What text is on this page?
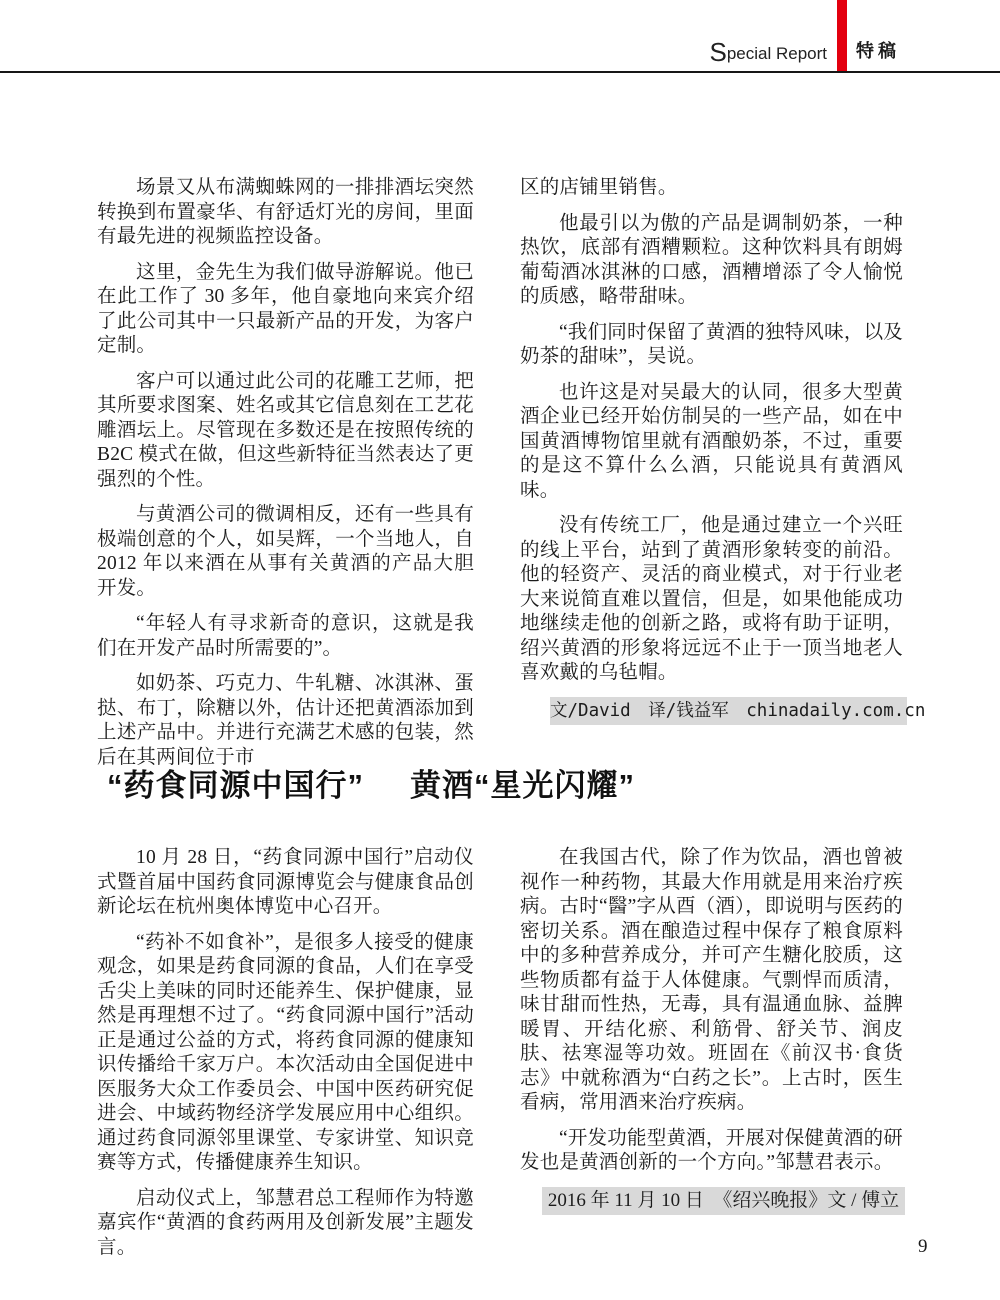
Special Report 特稿

场景又从布满蜘蛛网的一排排酒坛突然转换到布置豪华、有舒适灯光的房间，里面有最先进的视频监控设备。

这里，金先生为我们做导游解说。他已在此工作了 30 多年，他自豪地向来宾介绍了此公司其中一只最新产品的开发，为客户定制。

客户可以通过此公司的花雕工艺师，把其所要求图案、姓名或其它信息刻在工艺花雕酒坛上。尽管现在多数还是在按照传统的 B2C 模式在做，但这些新特征当然表达了更强烈的个性。

与黄酒公司的微调相反，还有一些具有极端创意的个人，如吴辉，一个当地人，自 2012 年以来酒在从事有关黄酒的产品大胆开发。

“年轻人有寻求新奇的意识，这就是我们在开发产品时所需要的”。

如奶茶、巧克力、牛轧糖、冰淇淋、蛋挞、布丁，除糖以外，估计还把黄酒添加到上述产品中。并进行充满艺术感的包装，然后在其两间位于市

区的店铺里销售。

他最引以为傲的产品是调制奶茶，一种热饮，底部有酒糟颗粒。这种饮料具有朗姆葡萄酒冰淇淋的口感，酒糟增添了令人愉悦的质感，略带甜味。

“我们同时保留了黄酒的独特风味，以及奶茶的甜味”，吴说。

也许这是对吴最大的认同，很多大型黄酒企业已经开始仿制吴的一些产品，如在中国黄酒博物馆里就有酒酿奶茶，不过，重要的是这不算什么么酒，只能说具有黄酒风味。

没有传统工厂，他是通过建立一个兴旺的线上平台，站到了黄酒形象转变的前沿。他的轻资产、灵活的商业模式，对于行业老大来说简直难以置信，但是，如果他能成功地继续走他的创新之路，或将有助于证明，绍兴黄酒的形象将远远不止于一顶当地老人喜欢戴的乌毡帽。

文/David　译/钱益军　chinadaily.com.cn
“药食同源中国行” 黄酒“星光闪耀”

10 月 28 日，“药食同源中国行”启动仪式暨首届中国药食同源博览会与健康食品创新论坛在杭州奥体博览中心召开。

“药补不如食补”，是很多人接受的健康观念，如果是药食同源的食品，人们在享受舌尖上美味的同时还能养生、保护健康，显然是再理想不过了。“药食同源中国行”活动正是通过公益的方式，将药食同源的健康知识传播给千家万户。本次活动由全国促进中医服务大众工作委员会、中国中医药研究促进会、中域药物经济学发展应用中心组织。通过药食同源邻里课堂、专家讲堂、知识竞赛等方式，传播健康养生知识。

启动仪式上，邹慧君总工程师作为特邀嘉宾作“黄酒的食药两用及创新发展”主题发言。

在我国古代，除了作为饮品，酒也曾被视作一种药物，其最大作用就是用来治疗疾病。古时“醫”字从酉（酒），即说明与医药的密切关系。酒在酿造过程中保存了粮食原料中的多种营养成分，并可产生糖化胶质，这些物质都有益于人体健康。气剽悍而质清，味甘甜而性热，无毒，具有温通血脉、益脾暖胃、开结化瘀、利筋骨、舒关节、润皮肤、祛寒湿等功效。班固在《前汉书·食货志》中就称酒为“白药之长”。上古时，医生看病，常用酒来治疗疾病。

“开发功能型黄酒，开展对保健黄酒的研发也是黄酒创新的一个方向。”邹慧君表示。

2016 年 11 月 10 日　《绍兴晚报》文 / 傅立
9
